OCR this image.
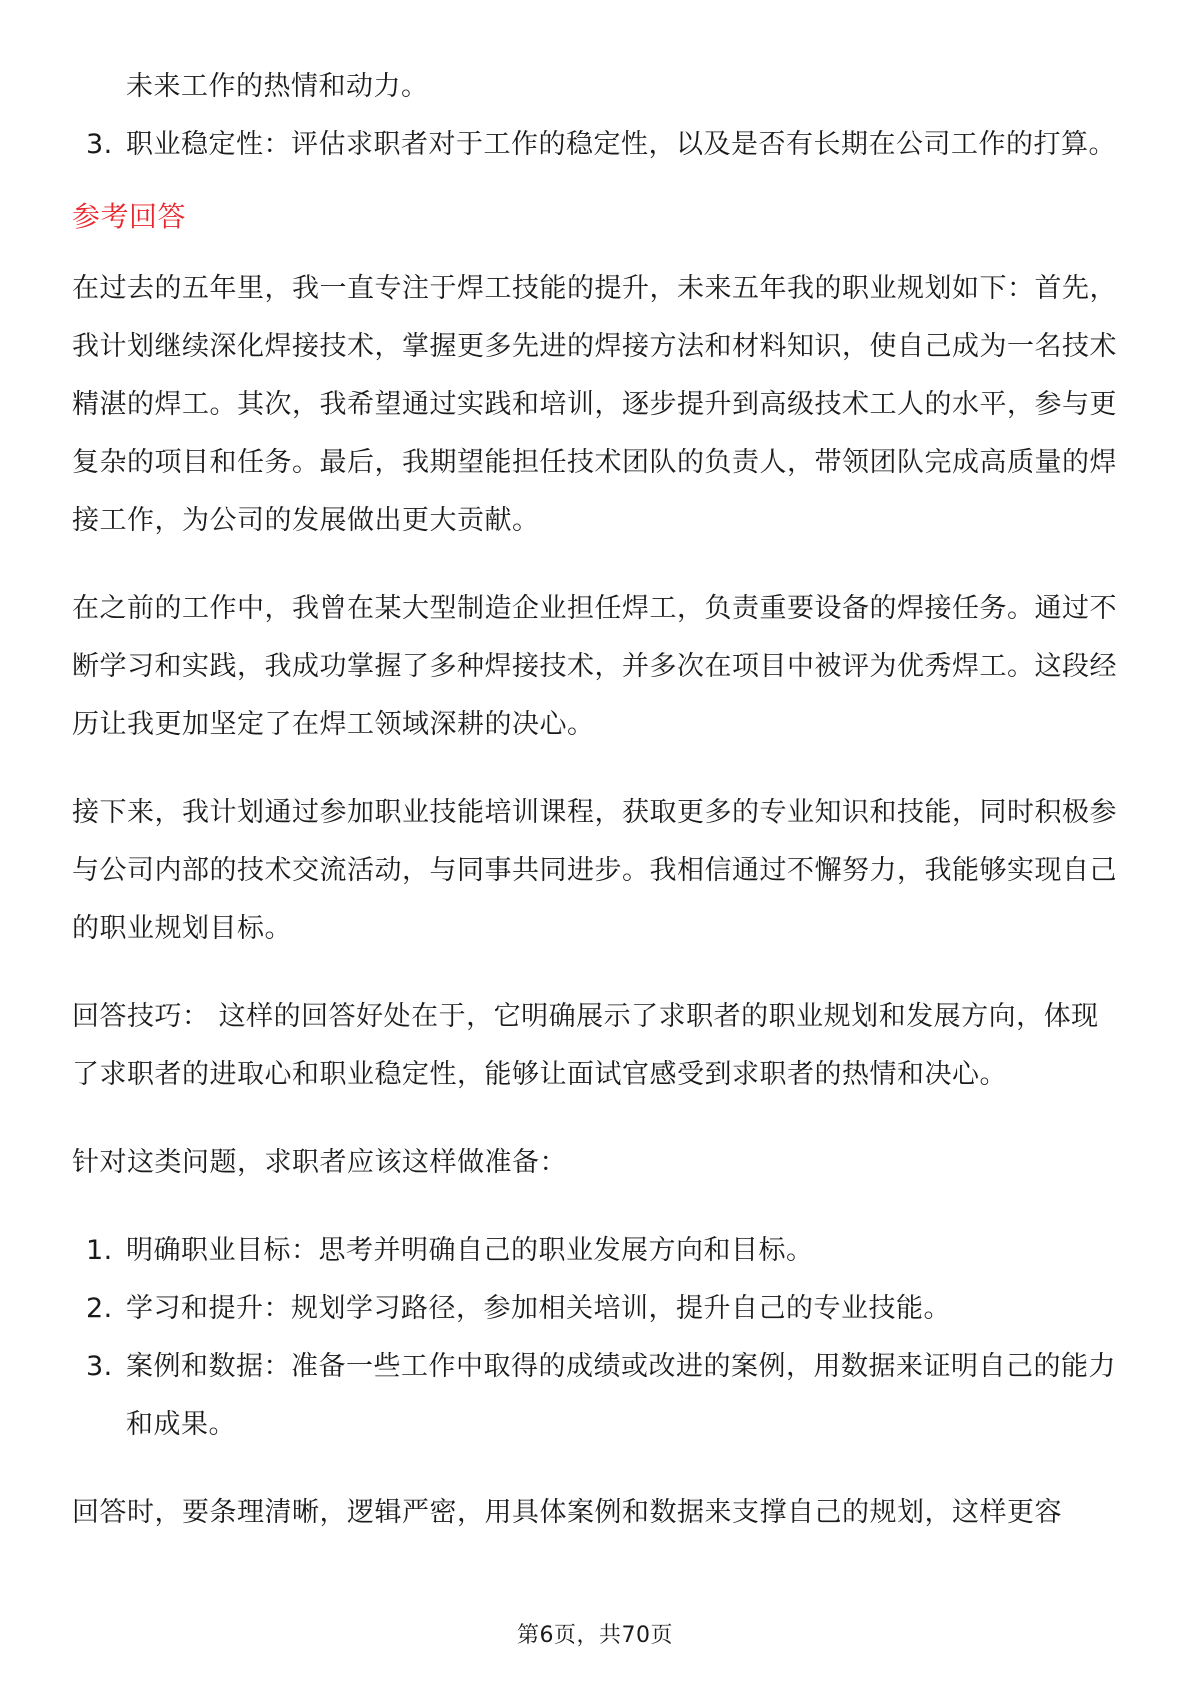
未来工作的热情和动力。
3. 职业稳定性：评估求职者对于工作的稳定性，以及是否有长期在公司工作的打算。
参考回答

在过去的五年里，我一直专注于焊工技能的提升，未来五年我的职业规划如下：首先，我计划继续深化焊接技术，掌握更多先进的焊接方法和材料知识，使自己成为一名技术精湛的焊工。其次，我希望通过实践和培训，逐步提升到高级技术工人的水平，参与更复杂的项目和任务。最后，我期望能担任技术团队的负责人，带领团队完成高质量的焊接工作，为公司的发展做出更大贡献。

在之前的工作中，我曾在某大型制造企业担任焊工，负责重要设备的焊接任务。通过不断学习和实践，我成功掌握了多种焊接技术，并多次在项目中被评为优秀焊工。这段经历让我更加坚定了在焊工领域深耕的决心。

接下来，我计划通过参加职业技能培训课程，获取更多的专业知识和技能，同时积极参与公司内部的技术交流活动，与同事共同进步。我相信通过不懈努力，我能够实现自己的职业规划目标。

回答技巧： 这样的回答好处在于，它明确展示了求职者的职业规划和发展方向，体现了求职者的进取心和职业稳定性，能够让面试官感受到求职者的热情和决心。

针对这类问题，求职者应该这样做准备：

1. 明确职业目标：思考并明确自己的职业发展方向和目标。
2. 学习和提升：规划学习路径，参加相关培训，提升自己的专业技能。
3. 案例和数据：准备一些工作中取得的成绩或改进的案例，用数据来证明自己的能力和成果。

回答时，要条理清晰，逻辑严密，用具体案例和数据来支撑自己的规划，这样更容

第6页，共70页
